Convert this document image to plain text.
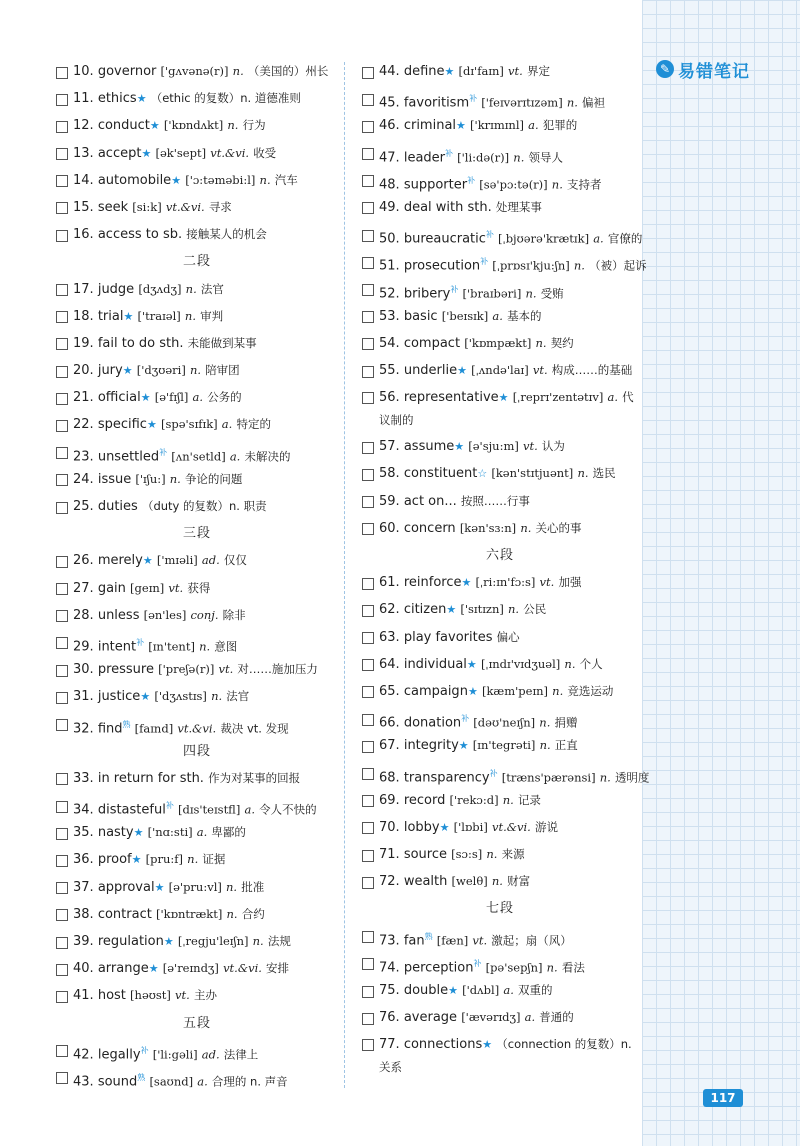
✎ 易错笔记
10. governor ['gʌvənə(r)] n. （美国的）州长
11. ethics★ （ethic 的复数）n. 道德准则
12. conduct★ ['kɒndʌkt] n. 行为
13. accept★ [ək'sept] vt.&vi. 收受
14. automobile★ ['ɔ:təməbi:l] n. 汽车
15. seek [si:k] vt.&vi. 寻求
16. access to sb. 接触某人的机会
二段
17. judge [dʒʌdʒ] n. 法官
18. trial★ ['traɪəl] n. 审判
19. fail to do sth. 未能做到某事
20. jury★ ['dʒʊəri] n. 陪审团
21. official★ [ə'fɪʃl] a. 公务的
22. specific★ [spə'sɪfɪk] a. 特定的
23. unsettled$^补$ [ʌn'setld] a. 未解决的
24. issue ['ɪʃu:] n. 争论的问题
25. duties （duty 的复数）n. 职责
三段
26. merely★ ['mɪəli] ad. 仅仅
27. gain [geɪn] vt. 获得
28. unless [ən'les] conj. 除非
29. intent$^补$ [ɪn'tent] n. 意图
30. pressure ['preʃə(r)] vt. 对……施加压力
31. justice★ ['dʒʌstɪs] n. 法官
32. find$^熟$ [faɪnd] vt.&vi. 裁决 vt. 发现
四段
33. in return for sth. 作为对某事的回报
34. distasteful$^补$ [dɪs'teɪstfl] a. 令人不快的
35. nasty★ ['nɑ:sti] a. 卑鄙的
36. proof★ [pru:f] n. 证据
37. approval★ [ə'pru:vl] n. 批准
38. contract ['kɒntrækt] n. 合约
39. regulation★ [ˌregju'leɪʃn] n. 法规
40. arrange★ [ə'reɪndʒ] vt.&vi. 安排
41. host [həʊst] vt. 主办
五段
42. legally$^补$ ['li:gəli] ad. 法律上
43. sound$^熟$ [saʊnd] a. 合理的 n. 声音
44. define★ [dɪ'faɪn] vt. 界定
45. favoritism$^补$ ['feɪvərɪtɪzəm] n. 偏袒
46. criminal★ ['krɪmɪnl] a. 犯罪的
47. leader$^补$ ['li:də(r)] n. 领导人
48. supporter$^补$ [sə'pɔ:tə(r)] n. 支持者
49. deal with sth. 处理某事
50. bureaucratic$^补$ [ˌbjʊərə'krætɪk] a. 官僚的
51. prosecution$^补$ [ˌprɒsɪ'kju:ʃn] n. （被）起诉
52. bribery$^补$ ['braɪbəri] n. 受贿
53. basic ['beɪsɪk] a. 基本的
54. compact ['kɒmpækt] n. 契约
55. underlie★ [ˌʌndə'laɪ] vt. 构成……的基础
56. representative★ [ˌreprɪ'zentətɪv] a. 代议制的
57. assume★ [ə'sju:m] vt. 认为
58. constituent☆ [kən'stɪtjuənt] n. 选民
59. act on... 按照……行事
60. concern [kən'sɜ:n] n. 关心的事
六段
61. reinforce★ [ˌri:ɪn'fɔ:s] vt. 加强
62. citizen★ ['sɪtɪzn] n. 公民
63. play favorites 偏心
64. individual★ [ˌɪndɪ'vɪdʒuəl] n. 个人
65. campaign★ [kæm'peɪn] n. 竞选运动
66. donation$^补$ [dəʊ'neɪʃn] n. 捐赠
67. integrity★ [ɪn'tegrəti] n. 正直
68. transparency$^补$ [træns'pærənsi] n. 透明度
69. record ['rekɔ:d] n. 记录
70. lobby★ ['lɒbi] vt.&vi. 游说
71. source [sɔ:s] n. 来源
72. wealth [welθ] n. 财富
七段
73. fan$^熟$ [fæn] vt. 激起；扇（风）
74. perception$^补$ [pə'sepʃn] n. 看法
75. double★ ['dʌbl] a. 双重的
76. average ['ævərɪdʒ] a. 普通的
77. connections★ （connection 的复数）n. 关系
117
